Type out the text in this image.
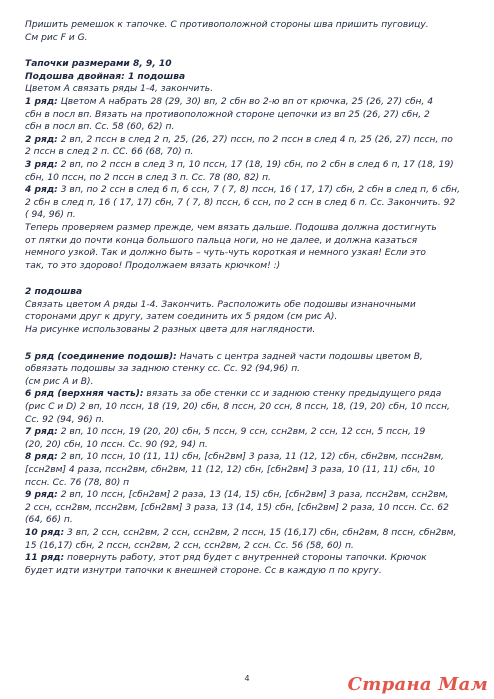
Пришить ремешок к тапочке. С противоположной стороны шва пришить пуговицу.
См рис F и G.
Тапочки размерами 8, 9, 10
Подошва двойная: 1 подошва
Цветом А связать ряды 1-4, закончить.
1 ряд: Цветом А набрать 28 (29, 30) вп, 2 сбн во 2-ю вп от крючка, 25 (26, 27) сбн, 4
сбн в посл вп. Вязать на противоположной стороне цепочки из вп 25 (26, 27) сбн, 2
сбн в посл вп. Сс. 58 (60, 62) п.
2 ряд: 2 вп, 2 пссн в след 2 п, 25, (26, 27) пссн, по 2 пссн в след 4 п, 25 (26, 27) пссн, по
2 пссн в след 2 п. СС. 66 (68, 70) п.
3 ряд: 2 вп, по 2 пссн в след 3 п, 10 пссн, 17 (18, 19) сбн, по 2 сбн в след 6 п, 17 (18, 19)
сбн, 10 пссн, по 2 пссн в след 3 п. Сс. 78 (80, 82) п.
4 ряд: 3 вп, по 2 ссн в след 6 п, 6 ссн, 7 ( 7, 8) пссн, 16 ( 17, 17) сбн, 2 сбн в след п, 6 сбн,
2 сбн в след п, 16 ( 17, 17) сбн, 7 ( 7, 8) пссн, 6 ссн, по 2 ссн в след 6 п. Сс. Закончить. 92
( 94, 96) п.
Теперь проверяем размер прежде, чем вязать дальше. Подошва должна достигнуть
от пятки до почти конца большого пальца ноги, но не далее, и должна казаться
немного узкой. Так и должно быть – чуть-чуть короткая и немного узкая! Если это
так, то это здорово! Продолжаем вязать крючком! :)
2 подошва
Связать цветом А ряды 1-4. Закончить. Расположить обе подошвы изнаночными
сторонами друг к другу, затем соединить их 5 рядом (см рис А).
На рисунке использованы 2 разных цвета для наглядности.
5 ряд (соединение подошв): Начать с центра задней части подошвы цветом В,
обвязать подошвы за заднюю стенку сс. Сс. 92 (94,96) п.
(см рис А и В).
6 ряд (верхняя часть): вязать за обе стенки сс и заднюю стенку предыдущего ряда
(рис С и D) 2 вп, 10 пссн, 18 (19, 20) сбн, 8 пссн, 20 ссн, 8 пссн, 18, (19, 20) сбн, 10 пссн,
Сс. 92 (94, 96) п.
7 ряд: 2 вп, 10 пссн, 19 (20, 20) сбн, 5 пссн, 9 ссн, ссн2вм, 2 ссн, 12 ссн, 5 пссн, 19
(20, 20) сбн, 10 пссн. Сс. 90 (92, 94) п.
8 ряд: 2 вп, 10 пссн, 10 (11, 11) сбн, [сбн2вм] 3 раза, 11 (12, 12) сбн, сбн2вм, пссн2вм,
[ссн2вм] 4 раза, пссн2вм, сбн2вм, 11 (12, 12) сбн, [сбн2вм] 3 раза, 10 (11, 11) сбн, 10
пссн. Сс. 76 (78, 80) п
9 ряд: 2 вп, 10 пссн, [сбн2вм] 2 раза, 13 (14, 15) сбн, [сбн2вм] 3 раза, пссн2вм, ссн2вм,
2 ссн, ссн2вм, пссн2вм, [сбн2вм] 3 раза, 13 (14, 15) сбн, [сбн2вм] 2 раза, 10 пссн. Сс. 62
(64, 66) п.
10 ряд: 3 вп, 2 ссн, ссн2вм, 2 ссн, ссн2вм, 2 пссн, 15 (16,17) сбн, сбн2вм, 8 пссн, сбн2вм,
15 (16,17) сбн, 2 пссн, ссн2вм, 2 ссн, ссн2вм, 2 ссн. Сс. 56 (58, 60) п.
11 ряд: повернуть работу, этот ряд будет с внутренней стороны тапочки. Крючок
будет идти изнутри тапочки к внешней стороне. Сс в каждую п по кругу.
4	Страна Мам
